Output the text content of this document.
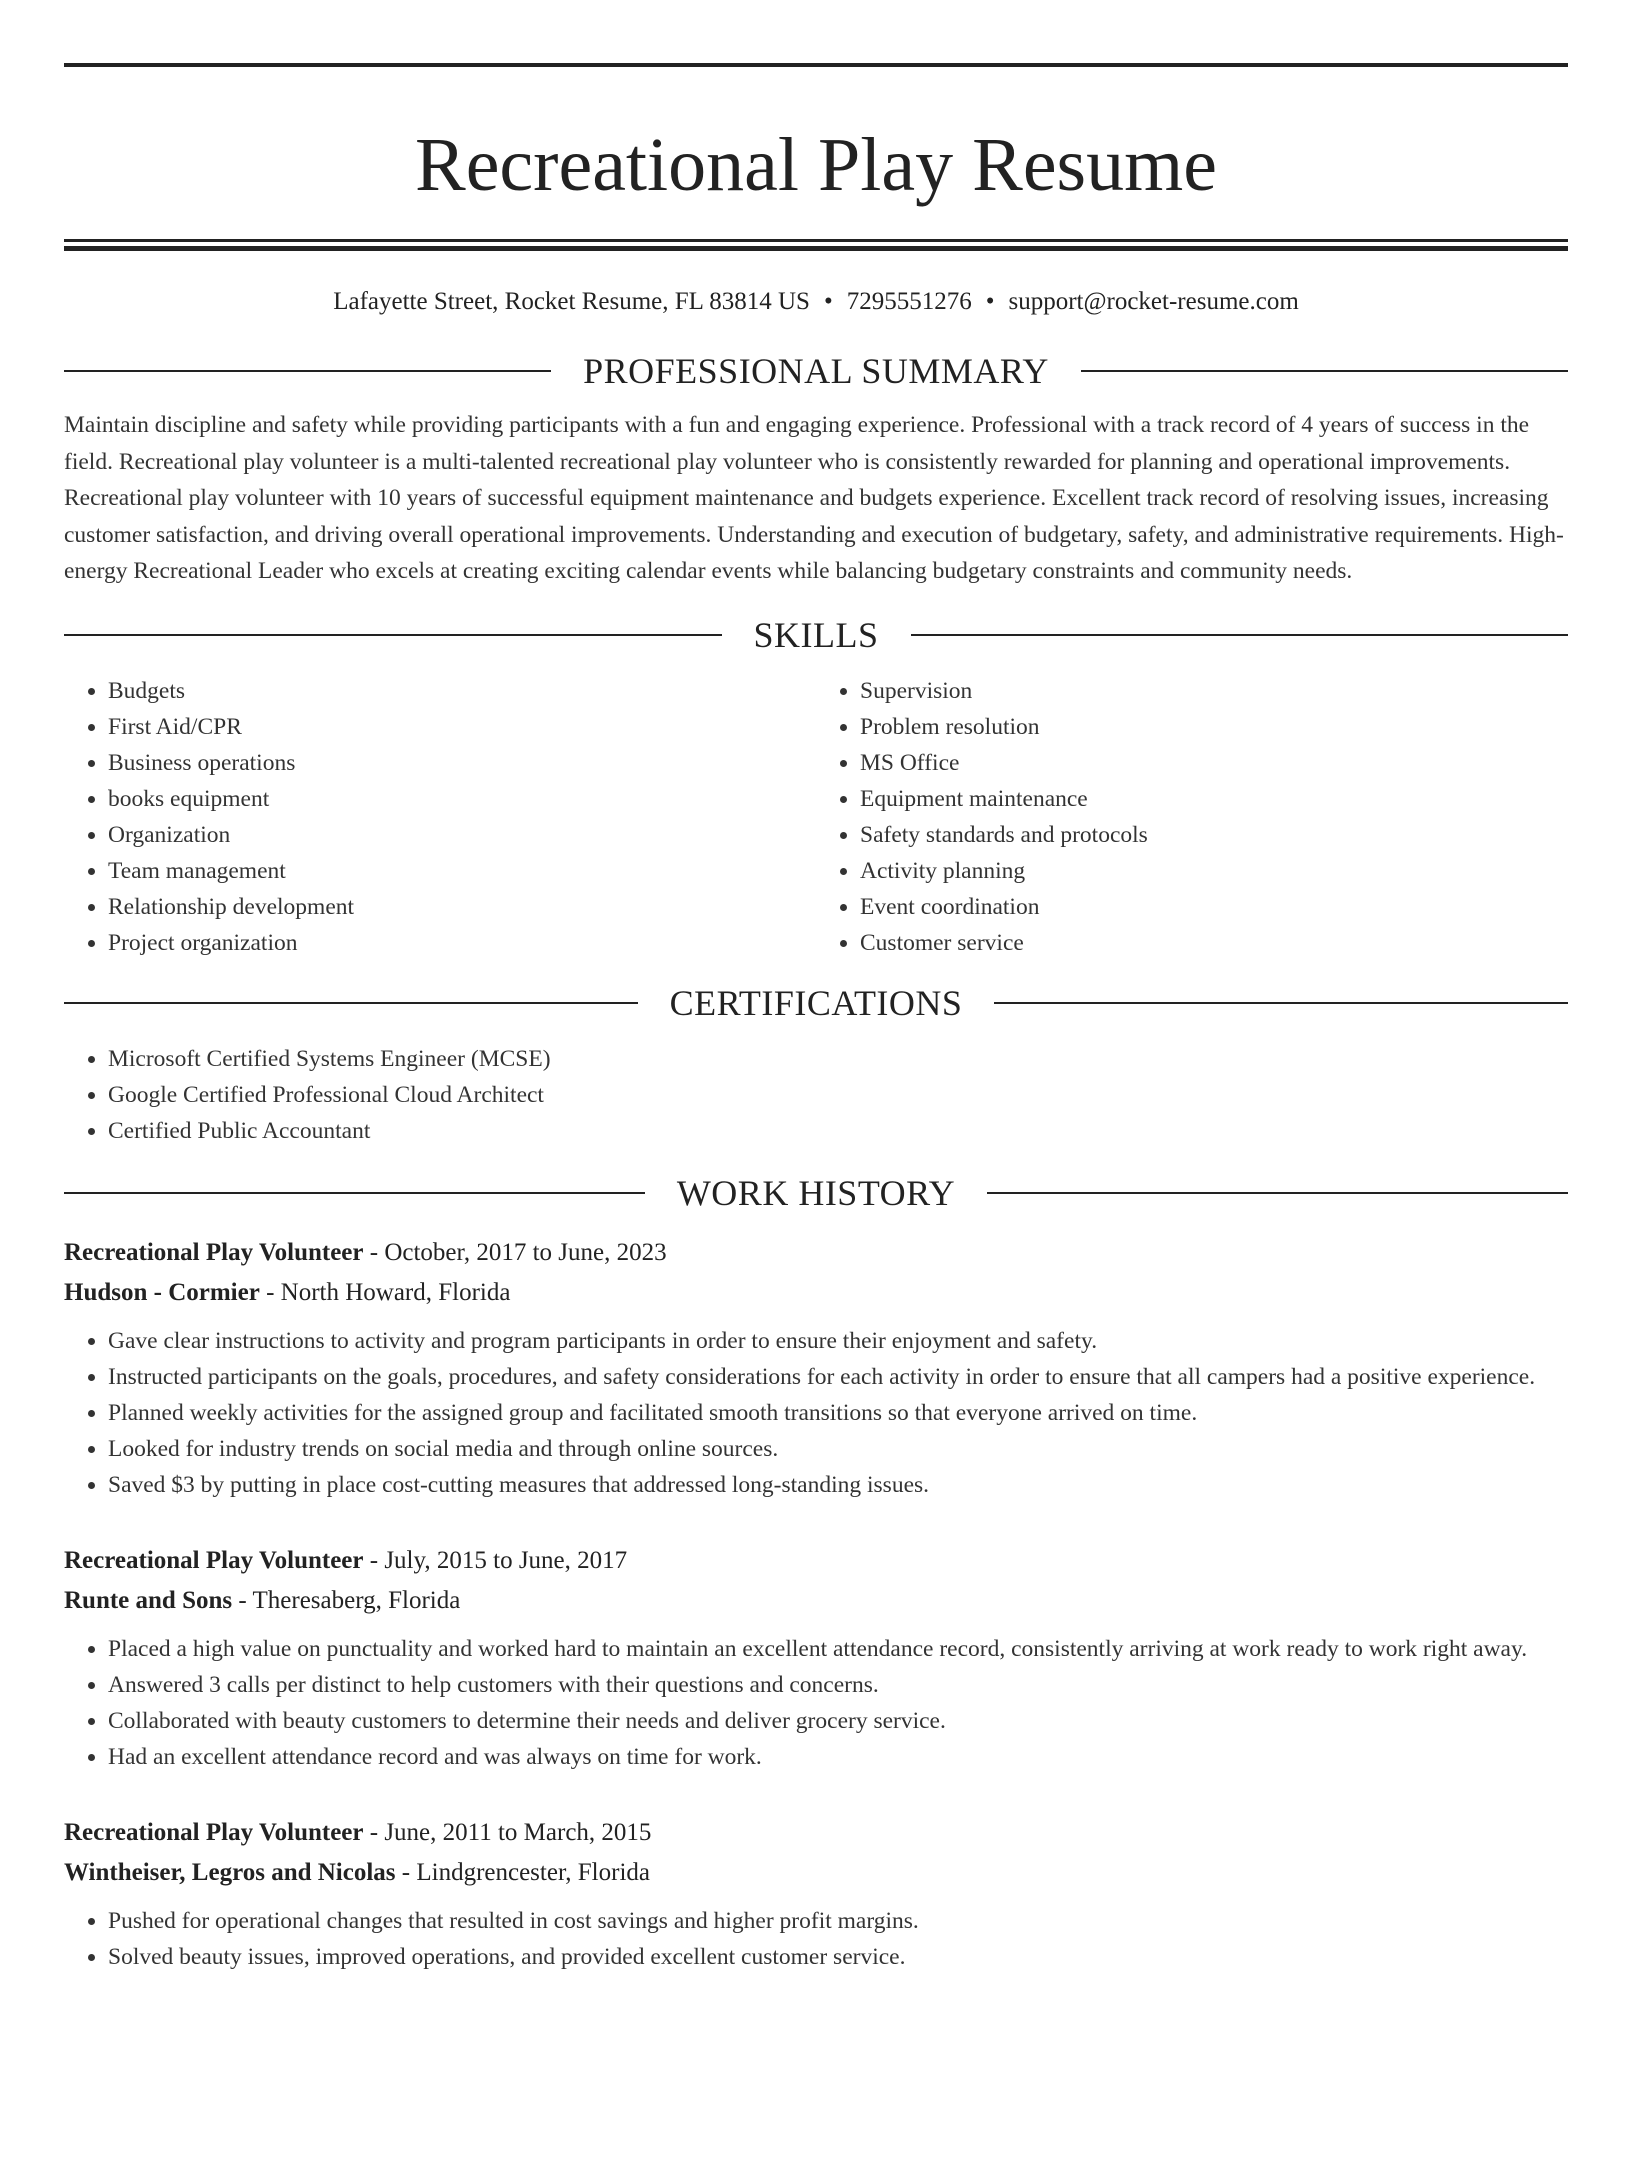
Recreational Play Resume
Lafayette Street, Rocket Resume, FL 83814 US • 7295551276 • support@rocket-resume.com
PROFESSIONAL SUMMARY

Maintain discipline and safety while providing participants with a fun and engaging experience. Professional with a track record of 4 years of success in the field. Recreational play volunteer is a multi-talented recreational play volunteer who is consistently rewarded for planning and operational improvements. Recreational play volunteer with 10 years of successful equipment maintenance and budgets experience. Excellent track record of resolving issues, increasing customer satisfaction, and driving overall operational improvements. Understanding and execution of budgetary, safety, and administrative requirements. High-energy Recreational Leader who excels at creating exciting calendar events while balancing budgetary constraints and community needs.

SKILLS
• Budgets
• First Aid/CPR
• Business operations
• books equipment
• Organization
• Team management
• Relationship development
• Project organization
• Supervision
• Problem resolution
• MS Office
• Equipment maintenance
• Safety standards and protocols
• Activity planning
• Event coordination
• Customer service
CERTIFICATIONS
• Microsoft Certified Systems Engineer (MCSE)
• Google Certified Professional Cloud Architect
• Certified Public Accountant
WORK HISTORY
Recreational Play Volunteer - October, 2017 to June, 2023
Hudson - Cormier - North Howard, Florida
• Gave clear instructions to activity and program participants in order to ensure their enjoyment and safety.
• Instructed participants on the goals, procedures, and safety considerations for each activity in order to ensure that all campers had a positive experience.
• Planned weekly activities for the assigned group and facilitated smooth transitions so that everyone arrived on time.
• Looked for industry trends on social media and through online sources.
• Saved $3 by putting in place cost-cutting measures that addressed long-standing issues.
Recreational Play Volunteer - July, 2015 to June, 2017
Runte and Sons - Theresaberg, Florida
• Placed a high value on punctuality and worked hard to maintain an excellent attendance record, consistently arriving at work ready to work right away.
• Answered 3 calls per distinct to help customers with their questions and concerns.
• Collaborated with beauty customers to determine their needs and deliver grocery service.
• Had an excellent attendance record and was always on time for work.
Recreational Play Volunteer - June, 2011 to March, 2015
Wintheiser, Legros and Nicolas - Lindgrencester, Florida
• Pushed for operational changes that resulted in cost savings and higher profit margins.
• Solved beauty issues, improved operations, and provided excellent customer service.
